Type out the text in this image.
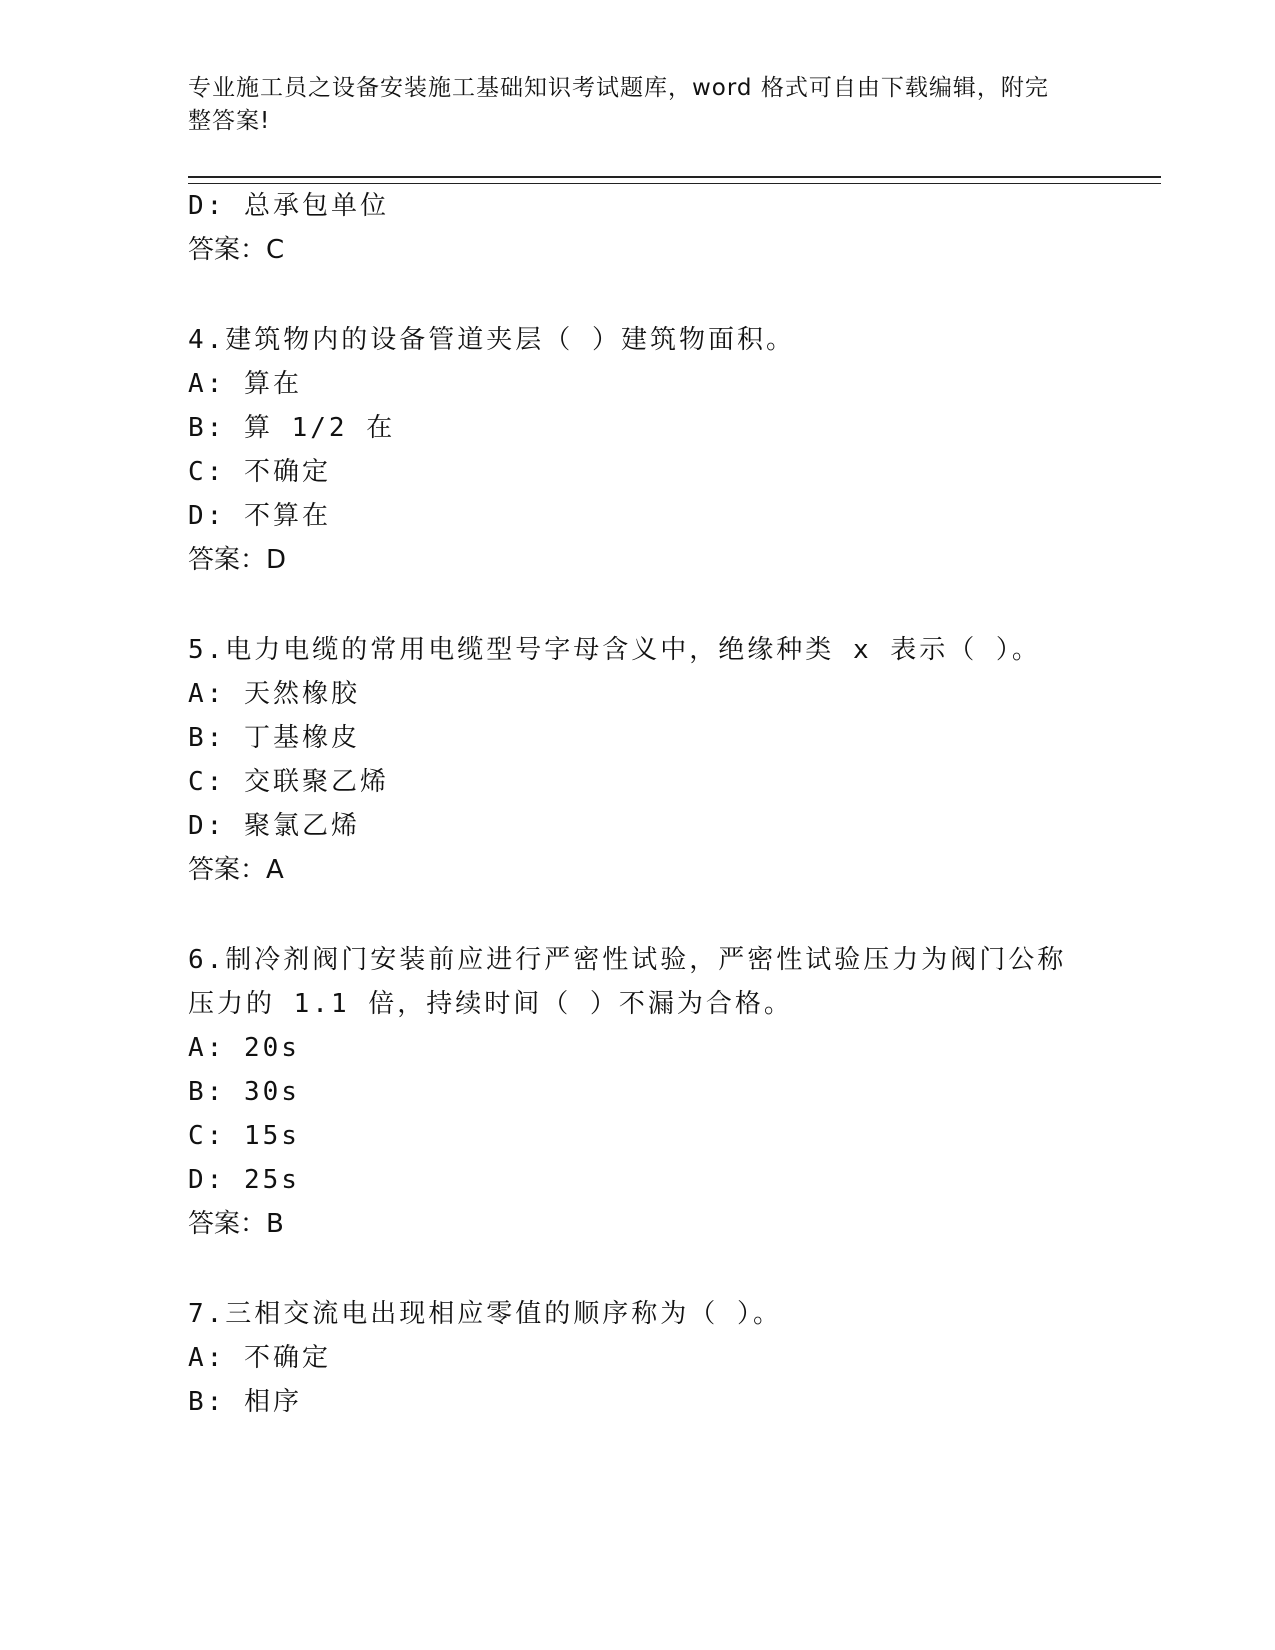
专业施工员之设备安装施工基础知识考试题库，word 格式可自由下载编辑，附完
整答案!
D: 总承包单位
答案：C
4.建筑物内的设备管道夹层（ ）建筑物面积。
A: 算在
B: 算 1/2 在
C: 不确定
D: 不算在
答案：D
5.电力电缆的常用电缆型号字母含义中，绝缘种类 x 表示（ ）。
A: 天然橡胶
B: 丁基橡皮
C: 交联聚乙烯
D: 聚氯乙烯
答案：A
6.制冷剂阀门安装前应进行严密性试验，严密性试验压力为阀门公称
压力的 1.1 倍，持续时间（ ）不漏为合格。
A: 20s
B: 30s
C: 15s
D: 25s
答案：B
7.三相交流电出现相应零值的顺序称为（ ）。
A: 不确定
B: 相序
